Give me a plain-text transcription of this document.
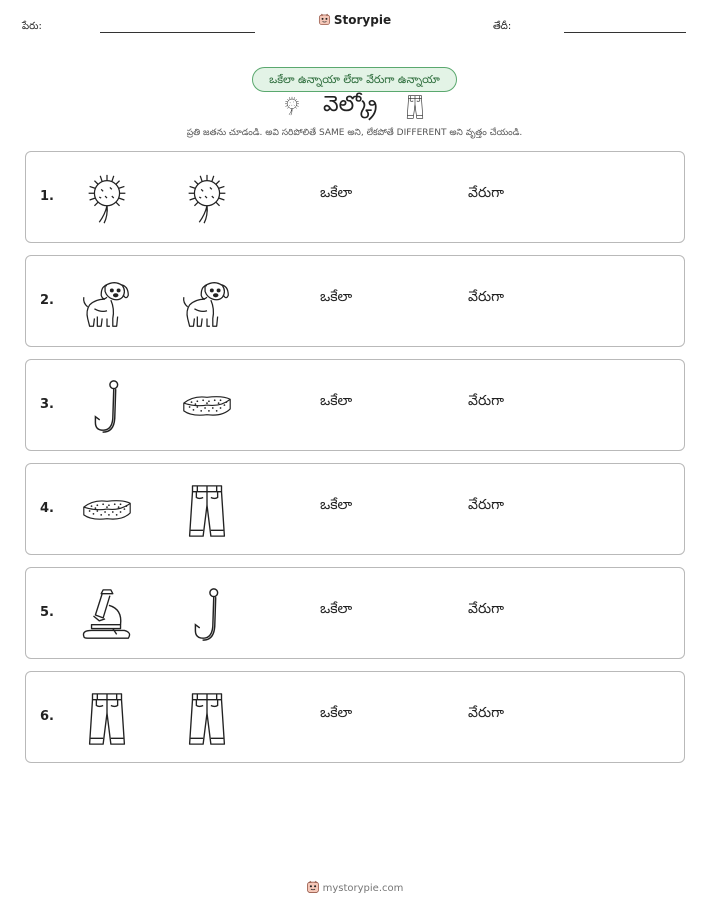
పేరు:	Storypie	తేదీ:
ఒకేలా ఉన్నాయా లేదా వేరుగా ఉన్నాయా
వెల్క్రో
ప్రతి జతను చూడండి. అవి సరిపోలితే SAME అని, లేకపోతే DIFFERENT అని వృత్తం చేయండి.
1.	ఒకేలా	వేరుగా
2.	ఒకేలా	వేరుగా
3.	ఒకేలా	వేరుగా
4.	ఒకేలా	వేరుగా
5.	ఒకేలా	వేరుగా
6.	ఒకేలా	వేరుగా
mystorypie.com
